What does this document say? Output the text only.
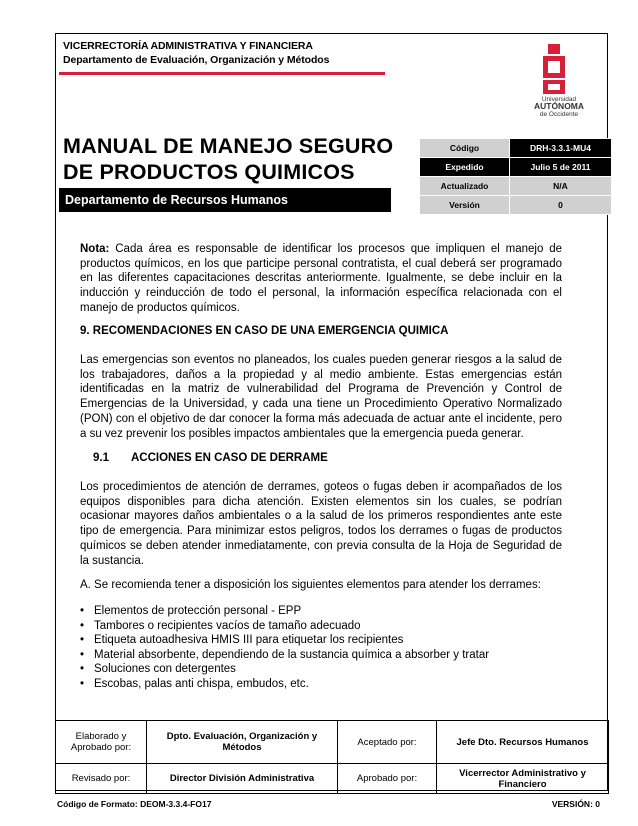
VICERRECTORÍA ADMINISTRATIVA Y FINANCIERA
Departamento de Evaluación, Organización y Métodos
Universidad
AUTÓNOMA
de Occidente
MANUAL DE MANEJO SEGURO
DE PRODUCTOS QUIMICOS
Departamento de Recursos Humanos
Código	DRH-3.3.1-MU4
Expedido	Julio 5 de 2011
Actualizado	N/A
Versión	0
Nota: Cada área es responsable de identificar los procesos que impliquen el manejo de productos químicos, en los que participe personal contratista, el cual deberá ser programado en las diferentes capacitaciones descritas anteriormente. Igualmente, se debe incluir en la inducción y reinducción de todo el personal, la información específica relacionada con el manejo de productos químicos.
9. RECOMENDACIONES EN CASO DE UNA EMERGENCIA QUIMICA
Las emergencias son eventos no planeados, los cuales pueden generar riesgos a la salud de los trabajadores, daños a la propiedad y al medio ambiente. Estas emergencias están identificadas en la matriz de vulnerabilidad del Programa de Prevención y Control de Emergencias de la Universidad, y cada una tiene un Procedimiento Operativo Normalizado (PON) con el objetivo de dar conocer la forma más adecuada de actuar ante el incidente, pero a su vez prevenir los posibles impactos ambientales que la emergencia pueda generar.
9.1 ACCIONES EN CASO DE DERRAME
Los procedimientos de atención de derrames, goteos o fugas deben ir acompañados de los equipos disponibles para dicha atención. Existen elementos sin los cuales, se podrían ocasionar mayores daños ambientales o a la salud de los primeros respondientes ante este tipo de emergencia. Para minimizar estos peligros, todos los derrames o fugas de productos químicos se deben atender inmediatamente, con previa consulta de la Hoja de Seguridad de la sustancia.
A. Se recomienda tener a disposición los siguientes elementos para atender los derrames:
• Elementos de protección personal - EPP
• Tambores o recipientes vacíos de tamaño adecuado
• Etiqueta autoadhesiva HMIS III para etiquetar los recipientes
• Material absorbente, dependiendo de la sustancia química a absorber y tratar
• Soluciones con detergentes
• Escobas, palas anti chispa, embudos, etc.
Elaborado y Aprobado por:	Dpto. Evaluación, Organización y Métodos	Aceptado por:	Jefe Dto. Recursos Humanos
Revisado por:	Director División Administrativa	Aprobado por:	Vicerrector Administrativo y Financiero
Código de Formato: DEOM-3.3.4-FO17	VERSIÓN: 0
